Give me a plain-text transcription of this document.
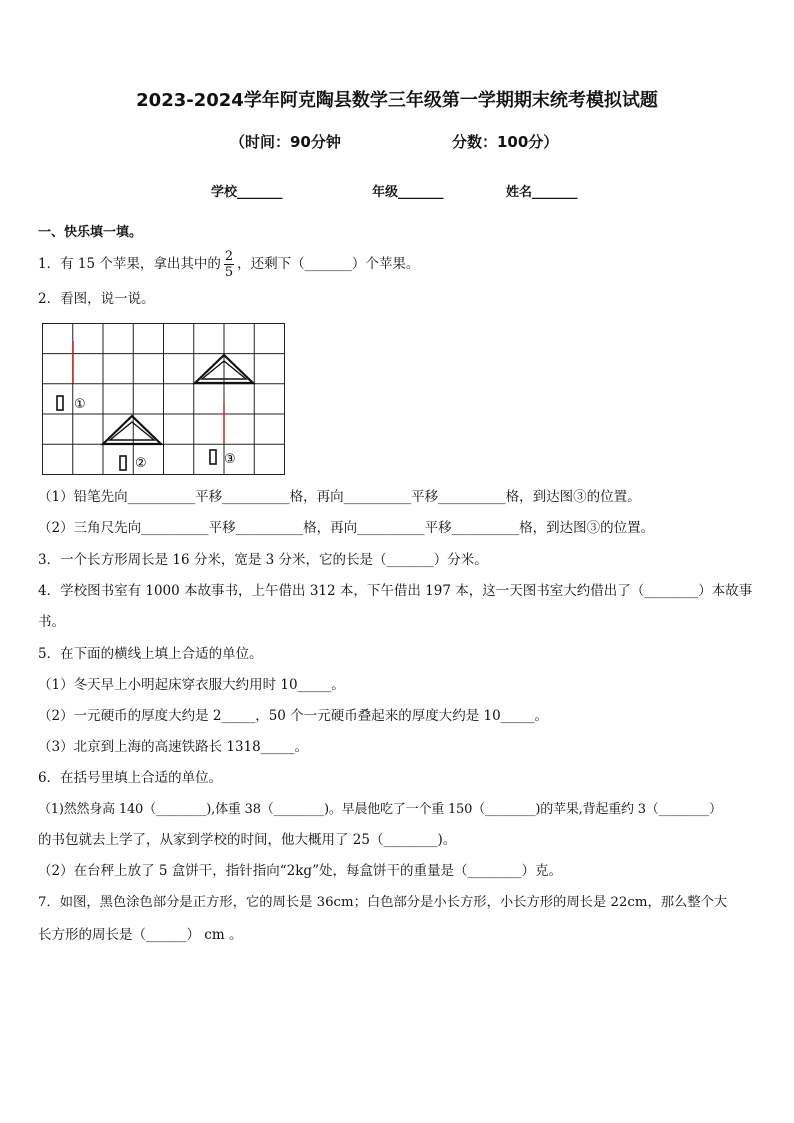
2023-2024学年阿克陶县数学三年级第一学期期末统考模拟试题
（时间：90分钟	分数：100分）
学校_______	年级_______	姓名_______
一、快乐填一填。
1．有 15 个苹果，拿出其中的 $\frac{2}{5}$ ，还剩下（_______）个苹果。
2．看图，说一说。
①
②	③
（1）铅笔先向__________平移__________格，再向__________平移__________格，到达图③的位置。
（2）三角尺先向__________平移__________格，再向__________平移__________格，到达图③的位置。
3．一个长方形周长是 16 分米，宽是 3 分米，它的长是（_______）分米。
4．学校图书室有 1000 本故事书，上午借出 312 本，下午借出 197 本，这一天图书室大约借出了（________）本故事
书。
5．在下面的横线上填上合适的单位。
（1）冬天早上小明起床穿衣服大约用时 10_____。
（2）一元硬币的厚度大约是 2_____，50 个一元硬币叠起来的厚度大约是 10_____。
（3）北京到上海的高速铁路长 1318_____。
6．在括号里填上合适的单位。
（1)然然身高 140（________),体重 38（________)。早晨他吃了一个重 150（________)的苹果,背起重约 3（________）
的书包就去上学了，从家到学校的时间，他大概用了 25（________)。
（2）在台秤上放了 5 盒饼干，指针指向“2kg”处，每盒饼干的重量是（________）克。
7．如图，黑色涂色部分是正方形，它的周长是 36cm；白色部分是小长方形，小长方形的周长是 22cm，那么整个大
长方形的周长是（______） cm 。
